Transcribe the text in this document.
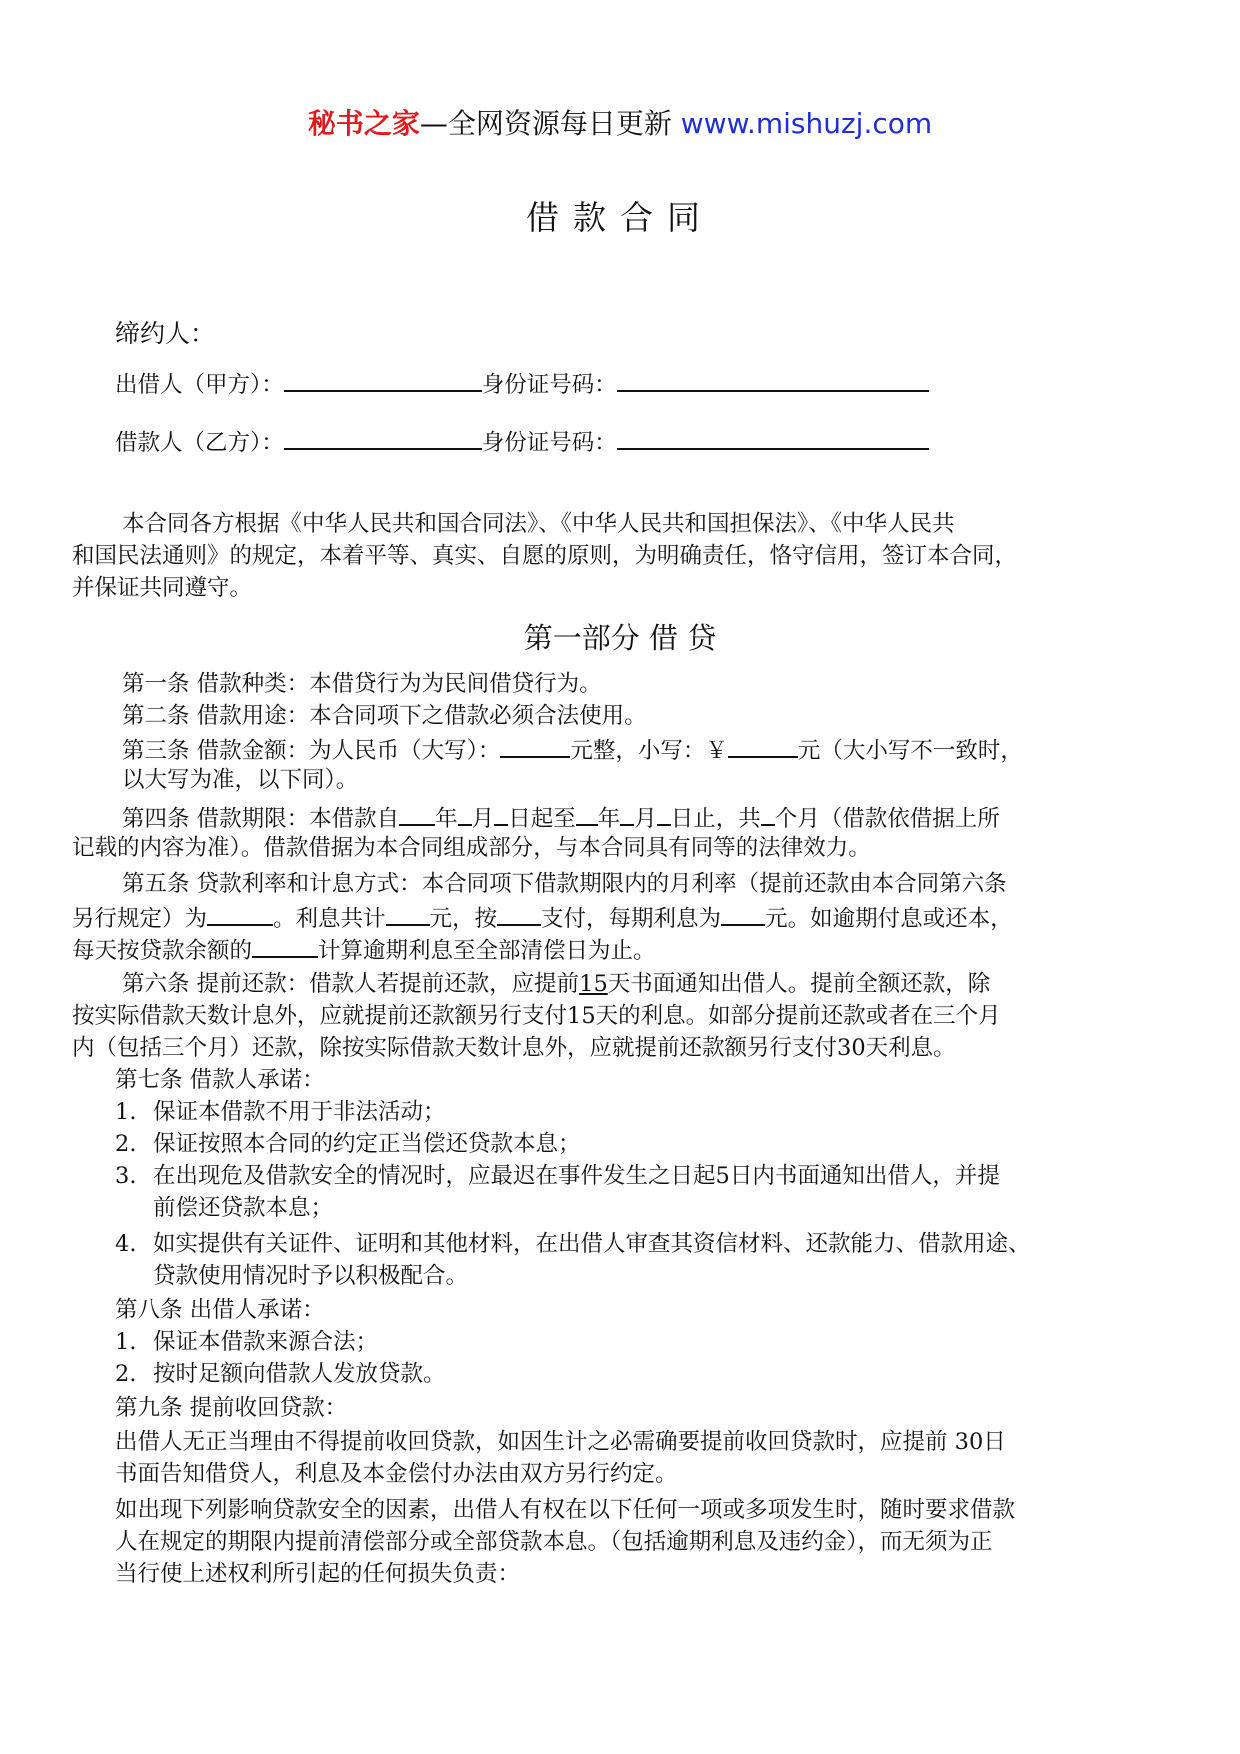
秘书之家—全网资源每日更新 www.mishuzj.com
借款合同
缔约人：
出借人（甲方）：	身份证号码：
借款人（乙方）：	身份证号码：
本合同各方根据《中华人民共和国合同法》、《中华人民共和国担保法》、《中华人民共
和国民法通则》的规定，本着平等、真实、自愿的原则，为明确责任，恪守信用，签订本合同，
并保证共同遵守。
第一部分 借 贷
第一条 借款种类：本借贷行为为民间借贷行为。
第二条 借款用途：本合同项下之借款必须合法使用。
第三条 借款金额：为人民币（大写）：	元整，小写：￥	元（大小写不一致时，
以大写为准，以下同）。
第四条 借款期限：本借款自 年 月 日起至 年 月 日止，共 个月（借款依借据上所
记载的内容为准）。借款借据为本合同组成部分，与本合同具有同等的法律效力。
第五条 贷款利率和计息方式：本合同项下借款期限内的月利率（提前还款由本合同第六条
另行规定）为	。利息共计 元，按 支付，每期利息为 元。如逾期付息或还本，
每天按贷款余额的	计算逾期利息至全部清偿日为止。
第六条 提前还款：借款人若提前还款，应提前15天书面通知出借人。提前全额还款，除
按实际借款天数计息外，应就提前还款额另行支付15天的利息。如部分提前还款或者在三个月
内（包括三个月）还款，除按实际借款天数计息外，应就提前还款额另行支付30天利息。
第七条 借款人承诺：
1. 保证本借款不用于非法活动；
2. 保证按照本合同的约定正当偿还贷款本息；
3. 在出现危及借款安全的情况时，应最迟在事件发生之日起5日内书面通知出借人，并提
前偿还贷款本息；
4. 如实提供有关证件、证明和其他材料，在出借人审查其资信材料、还款能力、借款用途、
贷款使用情况时予以积极配合。
第八条 出借人承诺：
1. 保证本借款来源合法；
2. 按时足额向借款人发放贷款。
第九条 提前收回贷款：
出借人无正当理由不得提前收回贷款，如因生计之必需确要提前收回贷款时，应提前 30日
书面告知借贷人，利息及本金偿付办法由双方另行约定。
如出现下列影响贷款安全的因素，出借人有权在以下任何一项或多项发生时，随时要求借款
人在规定的期限内提前清偿部分或全部贷款本息。（包括逾期利息及违约金），而无须为正
当行使上述权利所引起的任何损失负责：
